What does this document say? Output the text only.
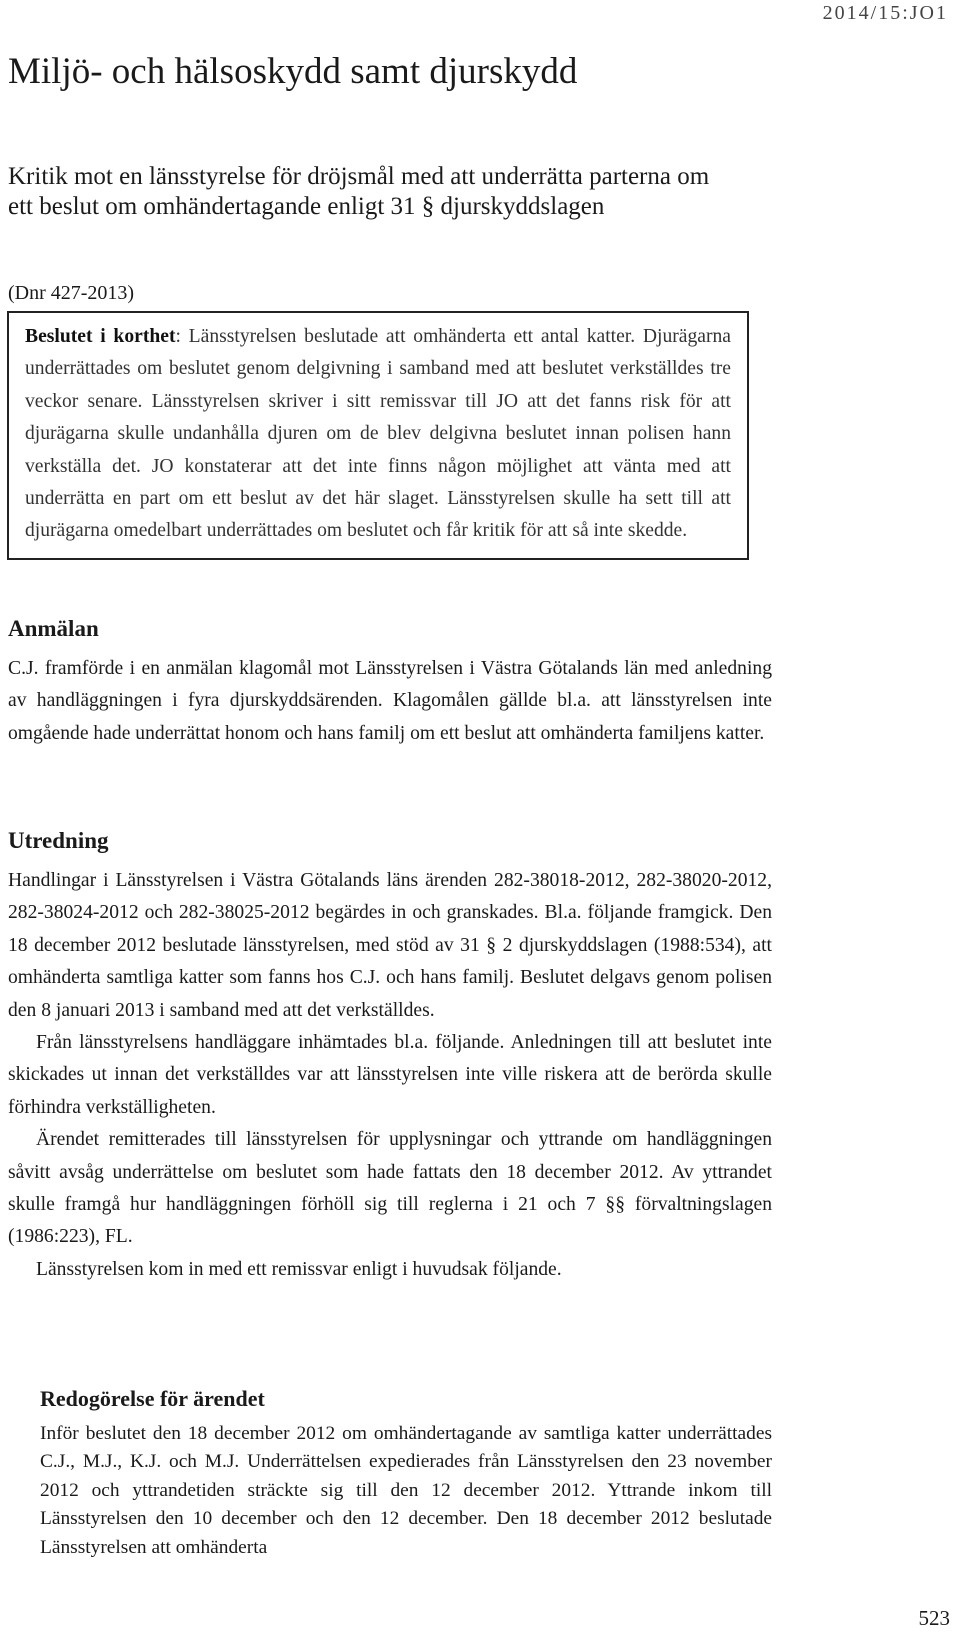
2014/15:JO1
Miljö- och hälsoskydd samt djurskydd
Kritik mot en länsstyrelse för dröjsmål med att underrätta parterna om ett beslut om omhändertagande enligt 31 § djurskyddslagen
(Dnr 427-2013)
Beslutet i korthet: Länsstyrelsen beslutade att omhänderta ett antal katter. Djurägarna underrättades om beslutet genom delgivning i samband med att beslutet verkställdes tre veckor senare. Länsstyrelsen skriver i sitt remissvar till JO att det fanns risk för att djurägarna skulle undanhålla djuren om de blev delgivna beslutet innan polisen hann verkställa det. JO konstaterar att det inte finns någon möjlighet att vänta med att underrätta en part om ett beslut av det här slaget. Länsstyrelsen skulle ha sett till att djurägarna omedelbart underrättades om beslutet och får kritik för att så inte skedde.
Anmälan

C.J. framförde i en anmälan klagomål mot Länsstyrelsen i Västra Götalands län med anledning av handläggningen i fyra djurskyddsärenden. Klagomålen gällde bl.a. att länsstyrelsen inte omgående hade underrättat honom och hans familj om ett beslut att omhänderta familjens katter.

Utredning

Handlingar i Länsstyrelsen i Västra Götalands läns ärenden 282-38018-2012, 282-38020-2012, 282-38024-2012 och 282-38025-2012 begärdes in och granskades. Bl.a. följande framgick. Den 18 december 2012 beslutade länsstyrelsen, med stöd av 31 § 2 djurskyddslagen (1988:534), att omhänderta samtliga katter som fanns hos C.J. och hans familj. Beslutet delgavs genom polisen den 8 januari 2013 i samband med att det verkställdes.

Från länsstyrelsens handläggare inhämtades bl.a. följande. Anledningen till att beslutet inte skickades ut innan det verkställdes var att länsstyrelsen inte ville riskera att de berörda skulle förhindra verkställigheten.

Ärendet remitterades till länsstyrelsen för upplysningar och yttrande om handläggningen såvitt avsåg underrättelse om beslutet som hade fattats den 18 december 2012. Av yttrandet skulle framgå hur handläggningen förhöll sig till reglerna i 21 och 7 §§ förvaltningslagen (1986:223), FL.

Länsstyrelsen kom in med ett remissvar enligt i huvudsak följande.

Redogörelse för ärendet

Inför beslutet den 18 december 2012 om omhändertagande av samtliga katter underrättades C.J., M.J., K.J. och M.J. Underrättelsen expedierades från Länsstyrelsen den 23 november 2012 och yttrandetiden sträckte sig till den 12 december 2012. Yttrande inkom till Länsstyrelsen den 10 december och den 12 december. Den 18 december 2012 beslutade Länsstyrelsen att omhänderta

523
